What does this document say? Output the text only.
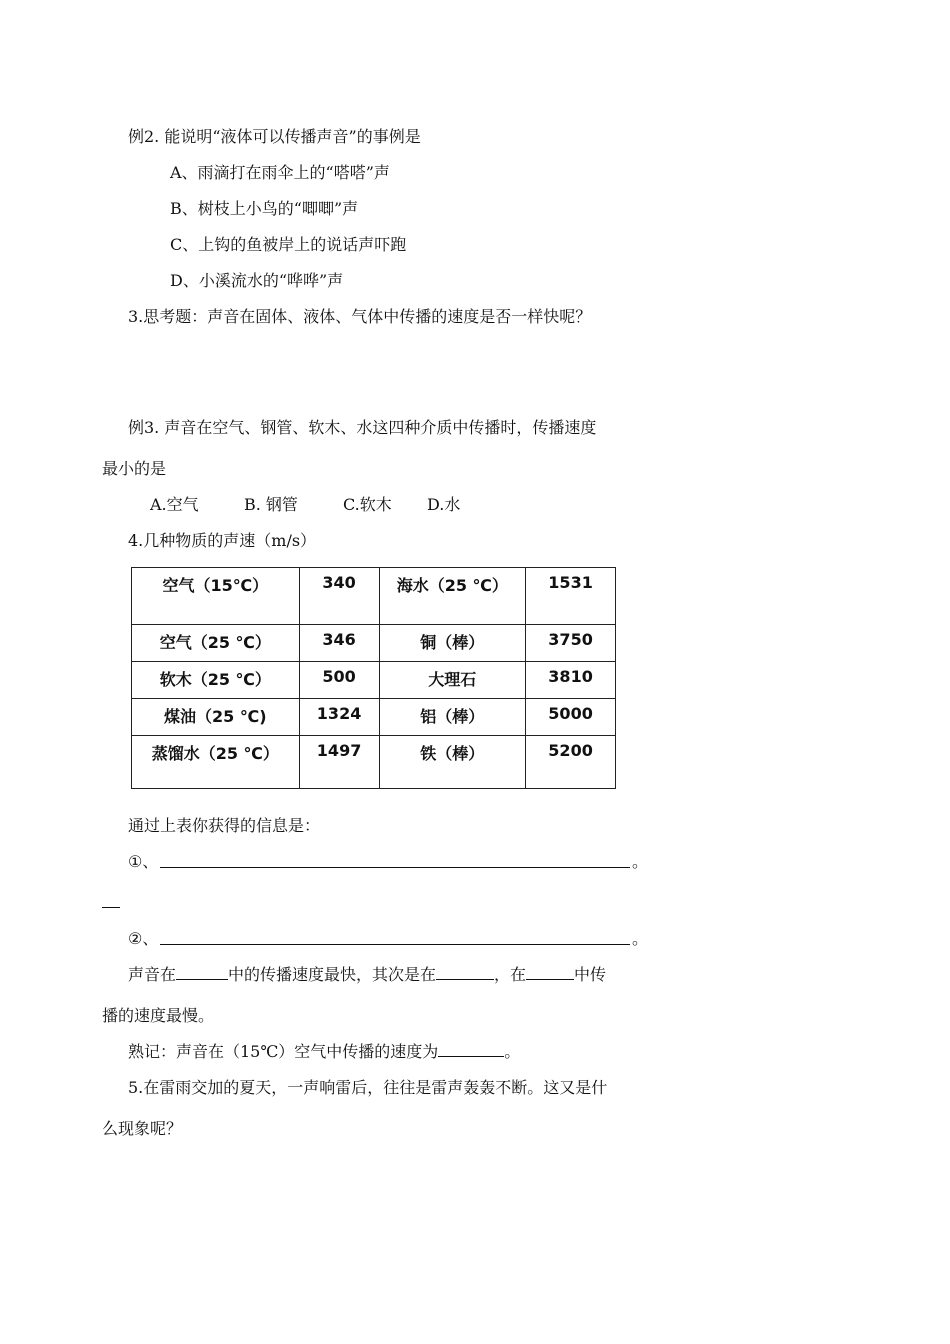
例2. 能说明“液体可以传播声音”的事例是
A、雨滴打在雨伞上的“嗒嗒”声
B、树枝上小鸟的“唧唧”声
C、上钩的鱼被岸上的说话声吓跑
D、小溪流水的“哗哗”声
3.思考题：声音在固体、液体、气体中传播的速度是否一样快呢？
例3. 声音在空气、钢管、软木、水这四种介质中传播时，传播速度
最小的是
A.空气	B. 钢管	C.软木 D.水
4.几种物质的声速（m/s）
空气（15℃）	340	海水（25 ℃）	1531
空气（25 ℃）	346	铜（棒）	3750
软木（25 ℃）	500	大理石	3810
煤油（25 ℃)	1324	铝（棒）	5000
蒸馏水（25 ℃）	1497	铁（棒）	5200
通过上表你获得的信息是：
①、	。
②、	。
声音在	中的传播速度最快，其次是在	，在	中传
播的速度最慢。
熟记：声音在（15℃）空气中传播的速度为	。
5.在雷雨交加的夏天，一声响雷后，往往是雷声轰轰不断。这又是什
么现象呢？
